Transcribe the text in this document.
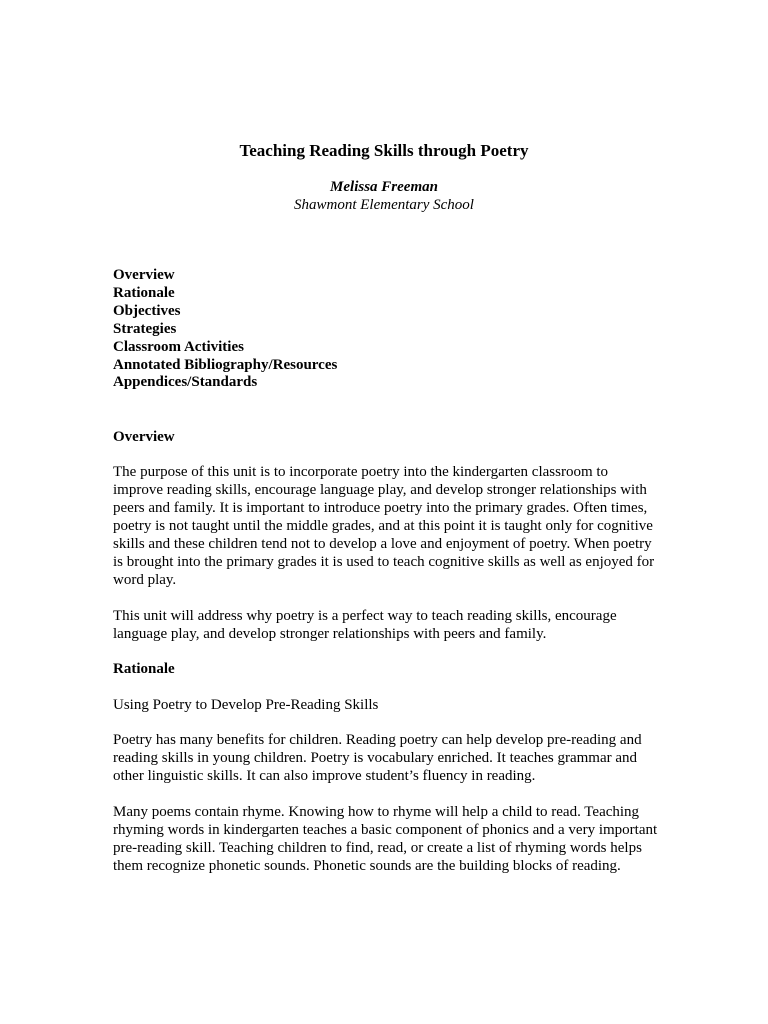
Teaching Reading Skills through Poetry

Melissa Freeman

Shawmont Elementary School

Overview
Rationale
Objectives
Strategies
Classroom Activities
Annotated Bibliography/Resources
Appendices/Standards

Overview

The purpose of this unit is to incorporate poetry into the kindergarten classroom to improve reading skills, encourage language play, and develop stronger relationships with peers and family. It is important to introduce poetry into the primary grades. Often times, poetry is not taught until the middle grades, and at this point it is taught only for cognitive skills and these children tend not to develop a love and enjoyment of poetry. When poetry is brought into the primary grades it is used to teach cognitive skills as well as enjoyed for word play.

This unit will address why poetry is a perfect way to teach reading skills, encourage language play, and develop stronger relationships with peers and family.

Rationale

Using Poetry to Develop Pre-Reading Skills

Poetry has many benefits for children. Reading poetry can help develop pre-reading and reading skills in young children. Poetry is vocabulary enriched. It teaches grammar and other linguistic skills. It can also improve student’s fluency in reading.

Many poems contain rhyme. Knowing how to rhyme will help a child to read. Teaching rhyming words in kindergarten teaches a basic component of phonics and a very important pre-reading skill. Teaching children to find, read, or create a list of rhyming words helps them recognize phonetic sounds. Phonetic sounds are the building blocks of reading.
